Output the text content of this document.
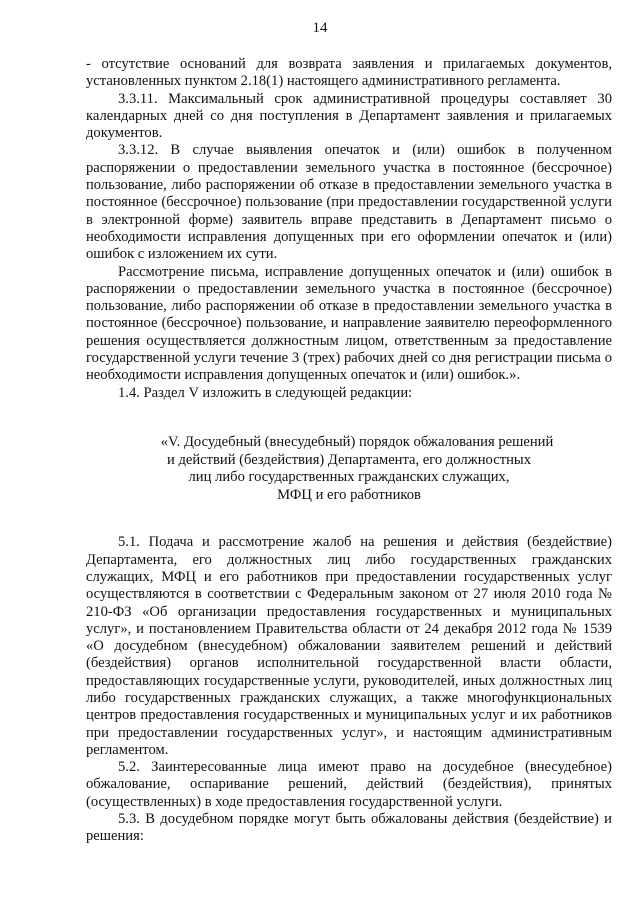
14

- отсутствие оснований для возврата заявления и прилагаемых документов, установленных пунктом 2.18(1) настоящего административного регламента.

3.3.11. Максимальный срок административной процедуры составляет 30 календарных дней со дня поступления в Департамент заявления и прилагаемых документов.

3.3.12. В случае выявления опечаток и (или) ошибок в полученном распоряжении о предоставлении земельного участка в постоянное (бессрочное) пользование, либо распоряжении об отказе в предоставлении земельного участка в постоянное (бессрочное) пользование (при предоставлении государственной услуги в электронной форме) заявитель вправе представить в Департамент письмо о необходимости исправления допущенных при его оформлении опечаток и (или) ошибок с изложением их сути.

Рассмотрение письма, исправление допущенных опечаток и (или) ошибок в распоряжении о предоставлении земельного участка в постоянное (бессрочное) пользование, либо распоряжении об отказе в предоставлении земельного участка в постоянное (бессрочное) пользование, и направление заявителю переоформленного решения осуществляется должностным лицом, ответственным за предоставление государственной услуги течение 3 (трех) рабочих дней со дня регистрации письма о необходимости исправления допущенных опечаток и (или) ошибок.».

1.4. Раздел V изложить в следующей редакции:

«V. Досудебный (внесудебный) порядок обжалования решений
и действий (бездействия) Департамента, его должностных
лиц либо государственных гражданских служащих,
МФЦ и его работников

5.1. Подача и рассмотрение жалоб на решения и действия (бездействие) Департамента, его должностных лиц либо государственных гражданских служащих, МФЦ и его работников при предоставлении государственных услуг осуществляются в соответствии с Федеральным законом от 27 июля 2010 года № 210-ФЗ «Об организации предоставления государственных и муниципальных услуг», и постановлением Правительства области от 24 декабря 2012 года № 1539 «О досудебном (внесудебном) обжаловании заявителем решений и действий (бездействия) органов исполнительной государственной власти области, предоставляющих государственные услуги, руководителей, иных должностных лиц либо государственных гражданских служащих, а также многофункциональных центров предоставления государственных и муниципальных услуг и их работников при предоставлении государственных услуг», и настоящим административным регламентом.

5.2. Заинтересованные лица имеют право на досудебное (внесудебное) обжалование, оспаривание решений, действий (бездействия), принятых (осуществленных) в ходе предоставления государственной услуги.

5.3. В досудебном порядке могут быть обжалованы действия (бездействие) и решения:
